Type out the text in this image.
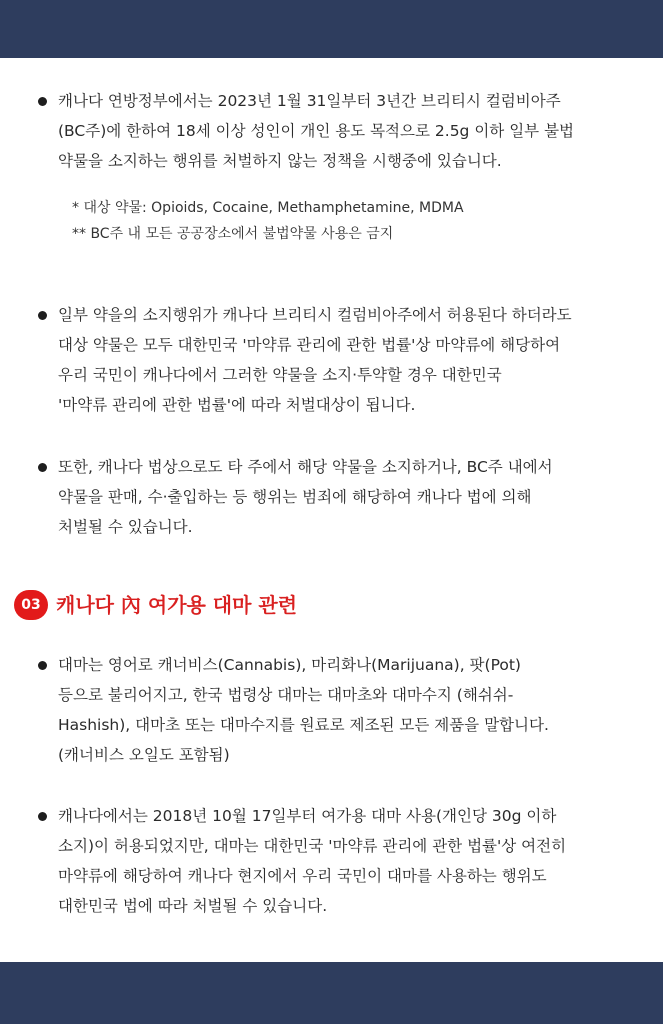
캐나다 연방정부에서는 2023년 1월 31일부터 3년간 브리티시 컬럼비아주
(BC주)에 한하여 18세 이상 성인이 개인 용도 목적으로 2.5g 이하 일부 불법
약물을 소지하는 행위를 처벌하지 않는 정책을 시행중에 있습니다.
* 대상 약물: Opioids, Cocaine, Methamphetamine, MDMA
** BC주 내 모든 공공장소에서 불법약물 사용은 금지
일부 약을의 소지행위가 캐나다 브리티시 컬럼비아주에서 허용된다 하더라도
대상 약물은 모두 대한민국 '마약류 관리에 관한 법률'상 마약류에 해당하여
우리 국민이 캐나다에서 그러한 약물을 소지·투약할 경우 대한민국
'마약류 관리에 관한 법률'에 따라 처벌대상이 됩니다.
또한, 캐나다 법상으로도 타 주에서 해당 약물을 소지하거나, BC주 내에서
약물을 판매, 수·출입하는 등 행위는 범죄에 해당하여 캐나다 법에 의해
처벌될 수 있습니다.
03 캐나다 內 여가용 대마 관련
대마는 영어로 캐너비스(Cannabis), 마리화나(Marijuana), 팟(Pot)
등으로 불리어지고, 한국 법령상 대마는 대마초와 대마수지 (해쉬쉬-
Hashish), 대마초 또는 대마수지를 원료로 제조된 모든 제품을 말합니다.
(캐너비스 오일도 포함됨)
캐나다에서는 2018년 10월 17일부터 여가용 대마 사용(개인당 30g 이하
소지)이 허용되었지만, 대마는 대한민국 '마약류 관리에 관한 법률'상 여전히
마약류에 해당하여 캐나다 현지에서 우리 국민이 대마를 사용하는 행위도
대한민국 법에 따라 처벌될 수 있습니다.
